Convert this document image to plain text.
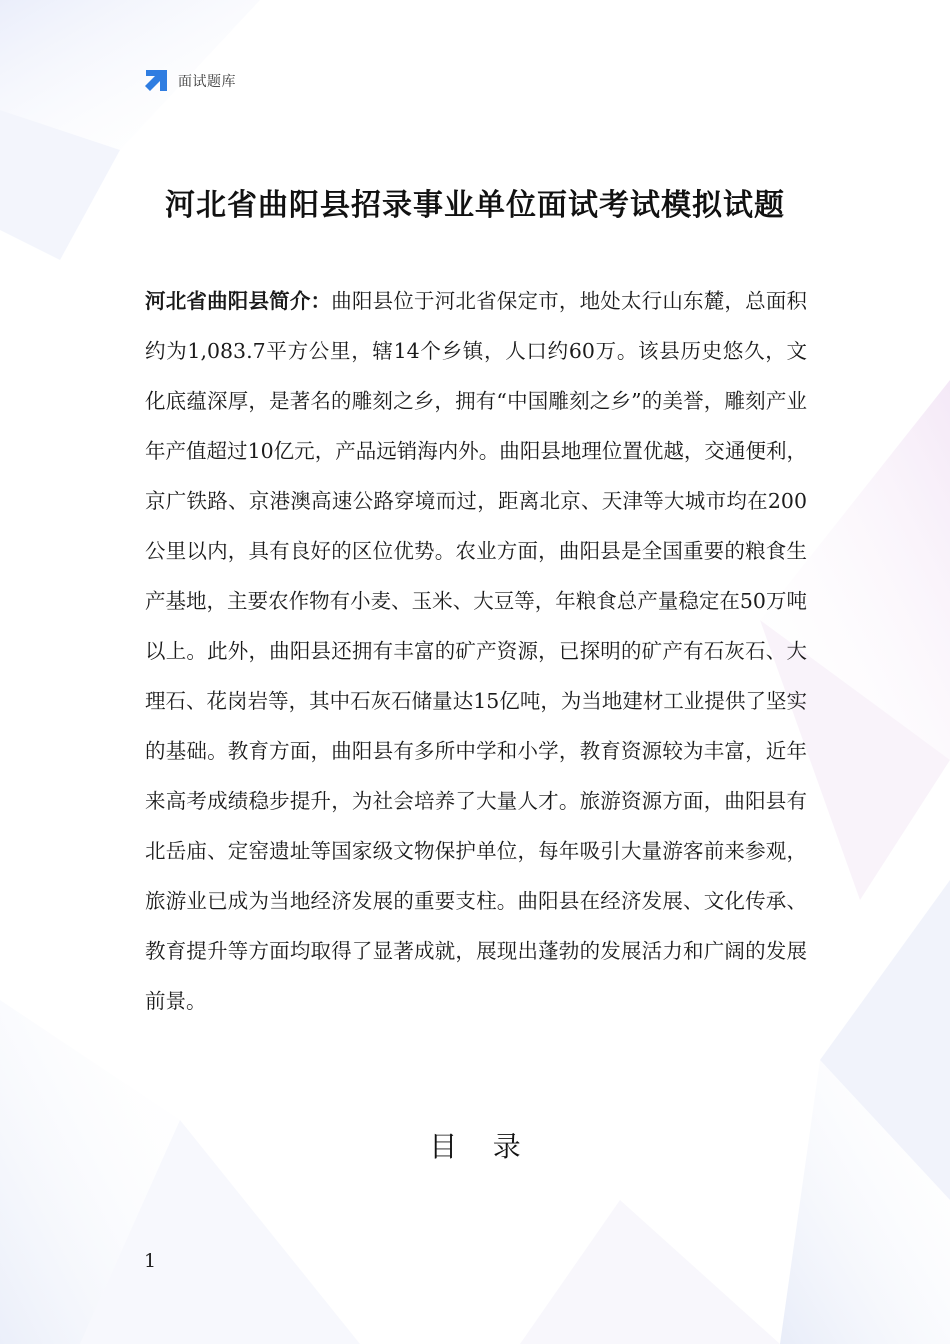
面试题库
河北省曲阳县招录事业单位面试考试模拟试题
河北省曲阳县简介：曲阳县位于河北省保定市，地处太行山东麓，总面积约为1,083.7平方公里，辖14个乡镇，人口约60万。该县历史悠久，文化底蕴深厚，是著名的雕刻之乡，拥有“中国雕刻之乡”的美誉，雕刻产业年产值超过10亿元，产品远销海内外。曲阳县地理位置优越，交通便利，京广铁路、京港澳高速公路穿境而过，距离北京、天津等大城市均在200公里以内，具有良好的区位优势。农业方面，曲阳县是全国重要的粮食生产基地，主要农作物有小麦、玉米、大豆等，年粮食总产量稳定在50万吨以上。此外，曲阳县还拥有丰富的矿产资源，已探明的矿产有石灰石、大理石、花岗岩等，其中石灰石储量达15亿吨，为当地建材工业提供了坚实的基础。教育方面，曲阳县有多所中学和小学，教育资源较为丰富，近年来高考成绩稳步提升，为社会培养了大量人才。旅游资源方面，曲阳县有北岳庙、定窑遗址等国家级文物保护单位，每年吸引大量游客前来参观，旅游业已成为当地经济发展的重要支柱。曲阳县在经济发展、文化传承、教育提升等方面均取得了显著成就，展现出蓬勃的发展活力和广阔的发展前景。
目    录
1
